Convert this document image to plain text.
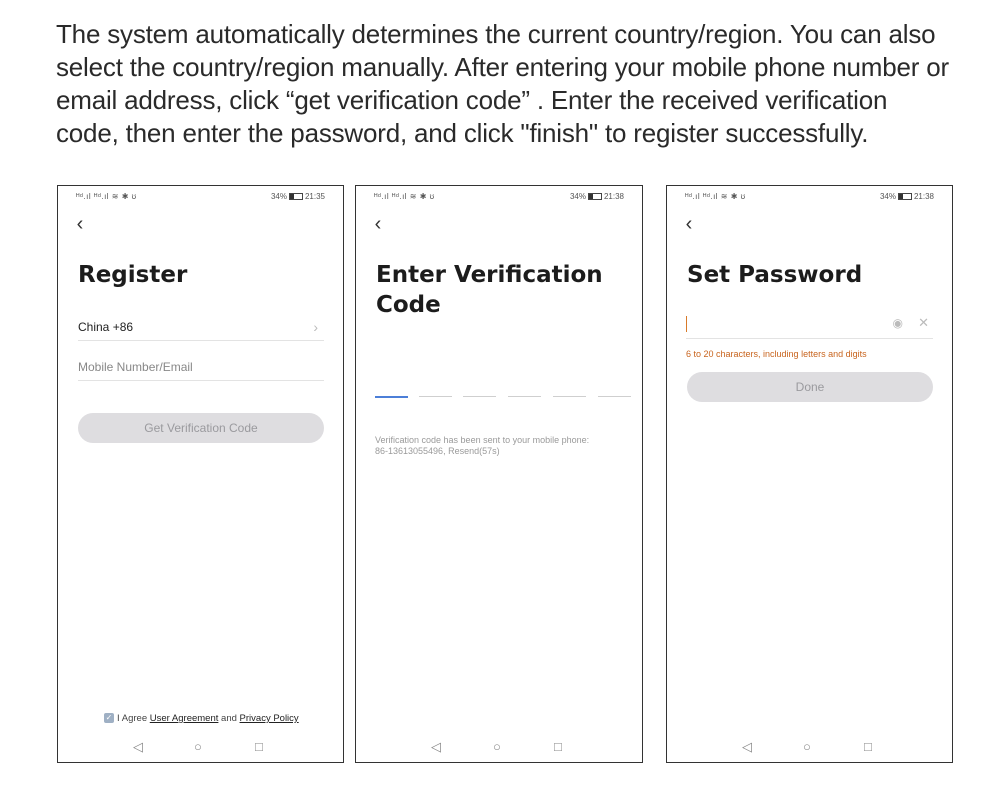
The system automatically determines the current country/region. You can also
select the country/region manually. After entering your mobile phone number or
email address, click “get verification code” . Enter the received verification
code, then enter the password, and click "finish" to register successfully.
ᴴᵈ.ıl ᴴᵈ.ıl ≋ ✱ ʊ	34% 21:35
‹
Register
China +86	›
Mobile Number/Email
Get Verification Code
✓ I Agree User Agreement and Privacy Policy
◁	○	□
ᴴᵈ.ıl ᴴᵈ.ıl ≋ ✱ ʊ	34% 21:38
‹
Enter Verification Code
Verification code has been sent to your mobile phone:
86-13613055496, Resend(57s)
◁	○	□
ᴴᵈ.ıl ᴴᵈ.ıl ≋ ✱ ʊ	34% 21:38
‹
Set Password
◉ ✕
6 to 20 characters, including letters and digits
Done
◁	○	□
